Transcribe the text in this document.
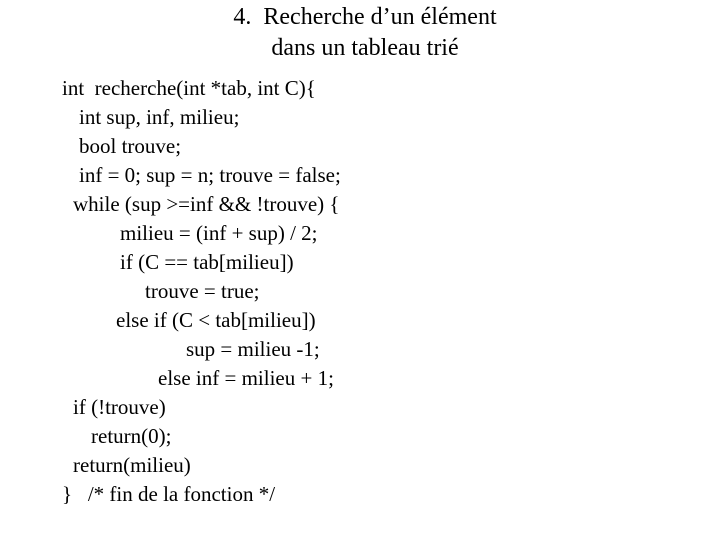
4.  Recherche d’un élément
dans un tableau trié
int  recherche(int *tab, int C){
int sup, inf, milieu;
bool trouve;
inf = 0; sup = n; trouve = false;
while (sup >=inf && !trouve) {
milieu = (inf + sup) / 2;
if (C == tab[milieu])
trouve = true;
else if (C < tab[milieu])
sup = milieu -1;
else inf = milieu + 1;
if (!trouve)
return(0);
return(milieu)
}   /* fin de la fonction */
